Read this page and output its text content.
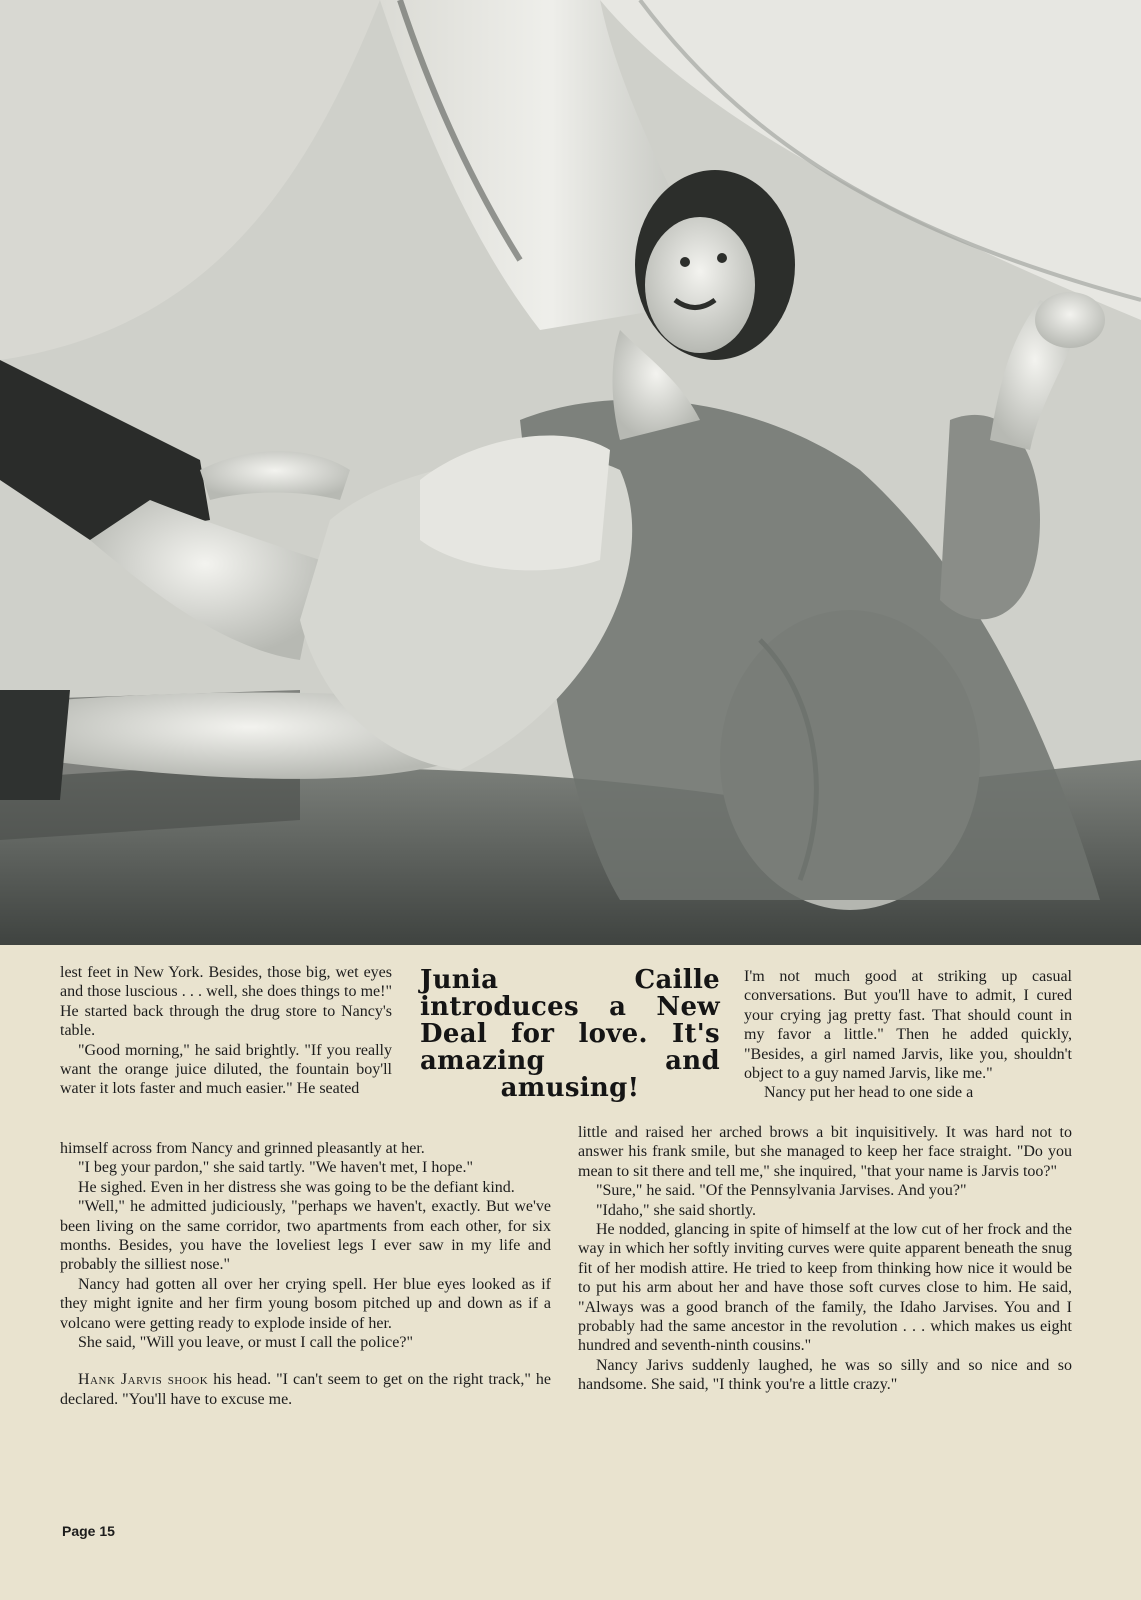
lest feet in New York. Besides, those big, wet eyes and those luscious . . . well, she does things to me!" He started back through the drug store to Nancy's table.

"Good morning," he said brightly. "If you really want the orange juice diluted, the fountain boy'll water it lots faster and much easier." He seated

Junia Caille introduces a New Deal for love. It's amazing and amusing!

I'm not much good at striking up casual conversations. But you'll have to admit, I cured your crying jag pretty fast. That should count in my favor a little." Then he added quickly, "Besides, a girl named Jarvis, like you, shouldn't object to a guy named Jarvis, like me."

Nancy put her head to one side a

himself across from Nancy and grinned pleasantly at her.

"I beg your pardon," she said tartly. "We haven't met, I hope."

He sighed. Even in her distress she was going to be the defiant kind.

"Well," he admitted judiciously, "perhaps we haven't, exactly. But we've been living on the same corridor, two apartments from each other, for six months. Besides, you have the loveliest legs I ever saw in my life and probably the silliest nose."

Nancy had gotten all over her crying spell. Her blue eyes looked as if they might ignite and her firm young bosom pitched up and down as if a volcano were getting ready to explode inside of her.

She said, "Will you leave, or must I call the police?"

Hank Jarvis shook his head. "I can't seem to get on the right track," he declared. "You'll have to excuse me.

little and raised her arched brows a bit inquisitively. It was hard not to answer his frank smile, but she managed to keep her face straight. "Do you mean to sit there and tell me," she inquired, "that your name is Jarvis too?"

"Sure," he said. "Of the Pennsylvania Jarvises. And you?"

"Idaho," she said shortly.

He nodded, glancing in spite of himself at the low cut of her frock and the way in which her softly inviting curves were quite apparent beneath the snug fit of her modish attire. He tried to keep from thinking how nice it would be to put his arm about her and have those soft curves close to him. He said, "Always was a good branch of the family, the Idaho Jarvises. You and I probably had the same ancestor in the revolution . . . which makes us eight hundred and seventh-ninth cousins."

Nancy Jarivs suddenly laughed, he was so silly and so nice and so handsome. She said, "I think you're a little crazy."

Page 15
